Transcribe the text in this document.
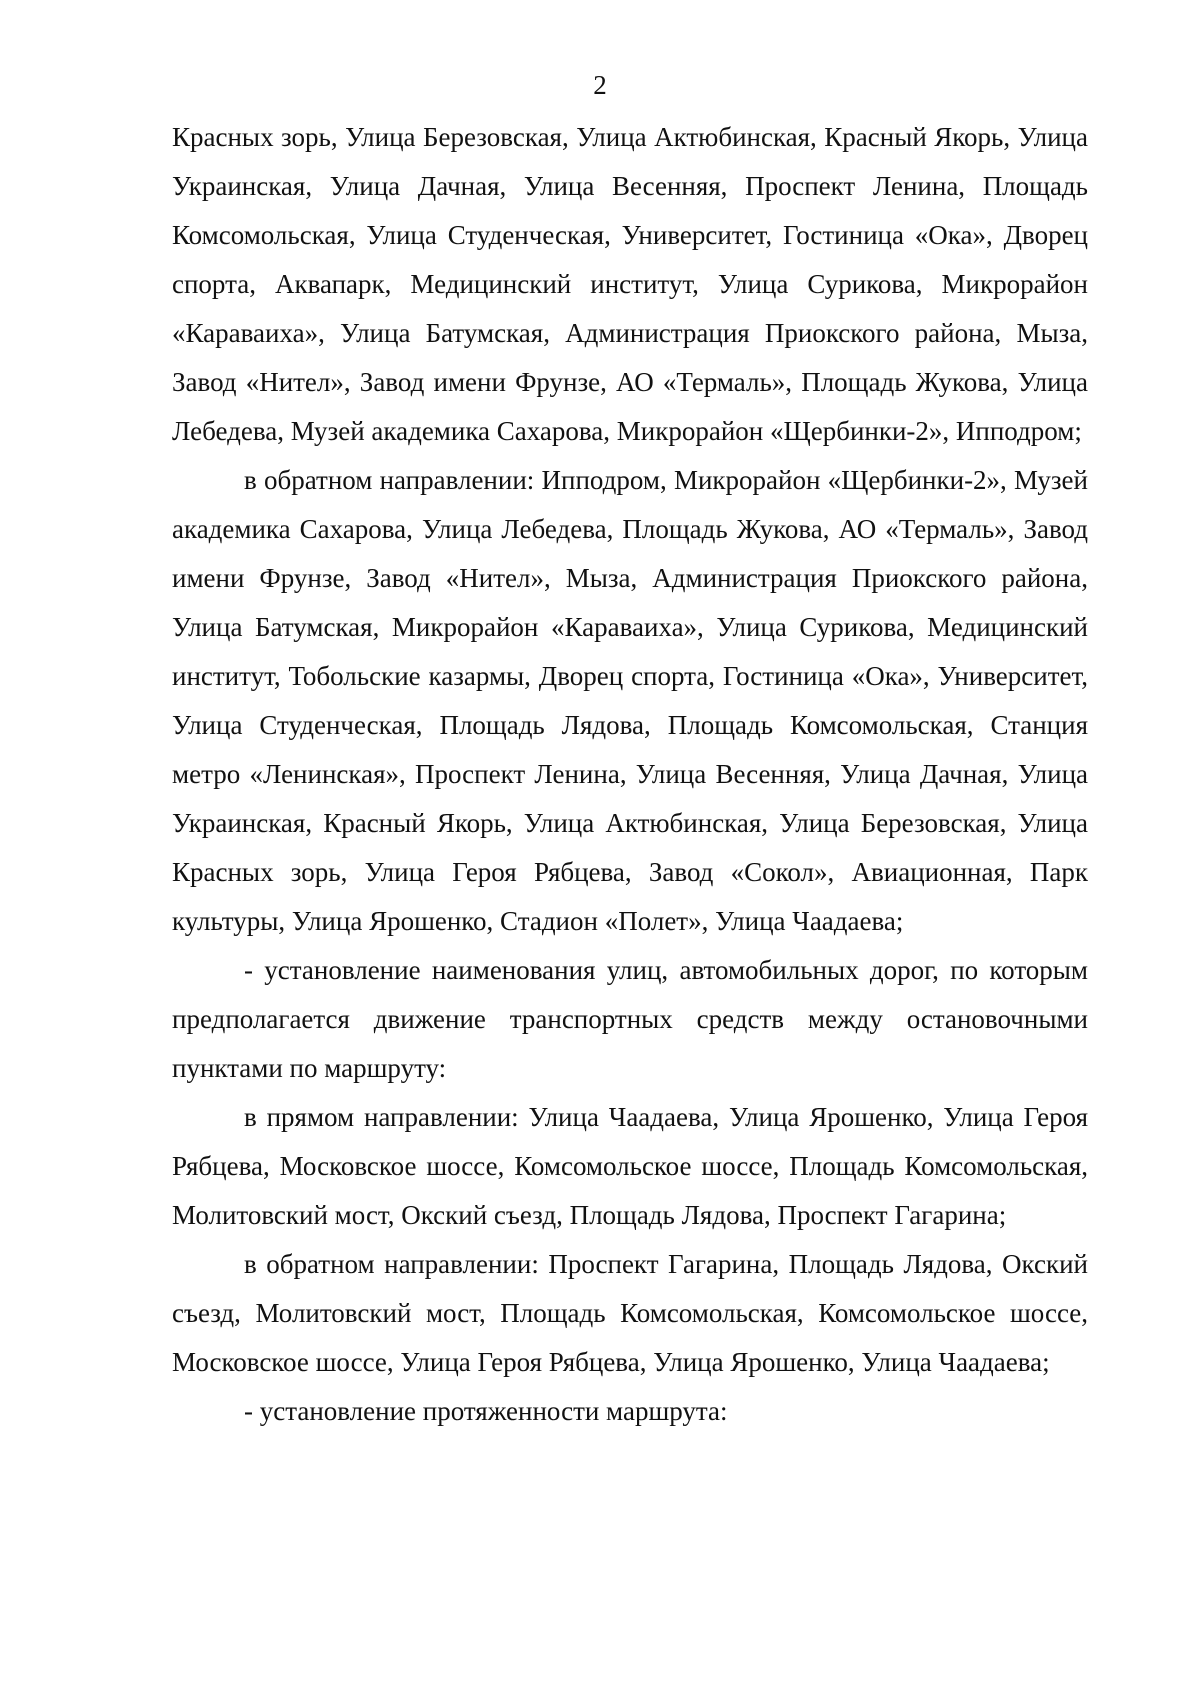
2

Красных зорь, Улица Березовская, Улица Актюбинская, Красный Якорь, Улица Украинская, Улица Дачная, Улица Весенняя, Проспект Ленина, Площадь Комсомольская, Улица Студенческая, Университет, Гостиница «Ока», Дворец спорта, Аквапарк, Медицинский институт, Улица Сурикова, Микрорайон «Караваиха», Улица Батумская, Администрация Приокского района, Мыза, Завод «Нител», Завод имени Фрунзе, АО «Термаль», Площадь Жукова, Улица Лебедева, Музей академика Сахарова, Микрорайон «Щербинки-2», Ипподром;

в обратном направлении: Ипподром, Микрорайон «Щербинки-2», Музей академика Сахарова, Улица Лебедева, Площадь Жукова, АО «Термаль», Завод имени Фрунзе, Завод «Нител», Мыза, Администрация Приокского района, Улица Батумская, Микрорайон «Караваиха», Улица Сурикова, Медицинский институт, Тобольские казармы, Дворец спорта, Гостиница «Ока», Университет, Улица Студенческая, Площадь Лядова, Площадь Комсомольская, Станция метро «Ленинская», Проспект Ленина, Улица Весенняя, Улица Дачная, Улица Украинская, Красный Якорь, Улица Актюбинская, Улица Березовская, Улица Красных зорь, Улица Героя Рябцева, Завод «Сокол», Авиационная, Парк культуры, Улица Ярошенко, Стадион «Полет», Улица Чаадаева;

- установление наименования улиц, автомобильных дорог, по которым предполагается движение транспортных средств между остановочными пунктами по маршруту:

в прямом направлении: Улица Чаадаева, Улица Ярошенко, Улица Героя Рябцева, Московское шоссе, Комсомольское шоссе, Площадь Комсомольская, Молитовский мост, Окский съезд, Площадь Лядова, Проспект Гагарина;

в обратном направлении: Проспект Гагарина, Площадь Лядова, Окский съезд, Молитовский мост, Площадь Комсомольская, Комсомольское шоссе, Московское шоссе, Улица Героя Рябцева, Улица Ярошенко, Улица Чаадаева;

- установление протяженности маршрута:
